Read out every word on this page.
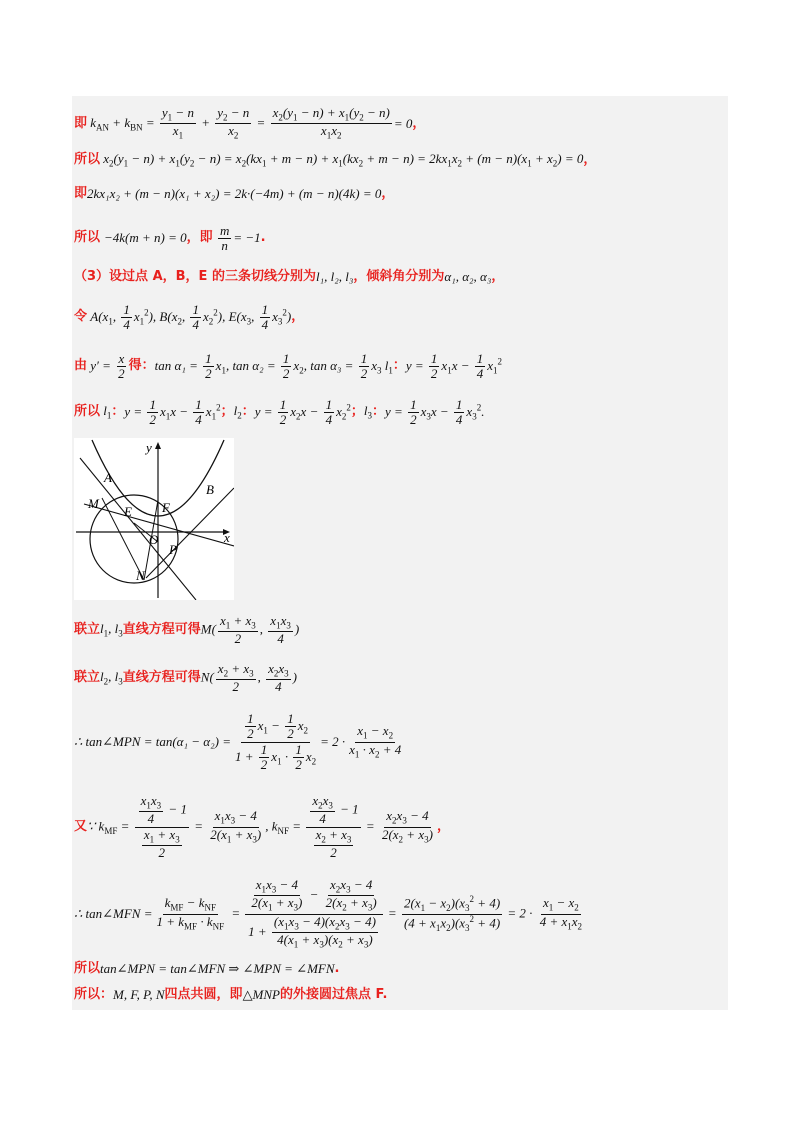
即 $k_{AN} + k_{BN} = \frac{y_1 - n}{x_1} + \frac{y_2 - n}{x_2} = \frac{x_2(y_1 - n) + x_1(y_2 - n)}{x_1x_2} = 0$ ，
所以 $x_2(y_1 - n) + x_1(y_2 - n) = x_2(kx_1 + m - n) + x_1(kx_2 + m - n) = 2kx_1x_2 + (m - n)(x_1 + x_2) = 0$ ，
即 2kx₁x₂ + (m − n)(x₁ + x₂) = 2k·(−4m) + (m − n)(4k) = 0 ，
所以 −4k(m + n) = 0 ， 即
$\frac{m}{n} = -1$ .
（3）设过点 A，B，E 的三条切线分别为 l₁, l₂, l₃ ，倾斜角分别为 α₁, α₂, α₃ ，
令 $A(x_1$, $\frac{1}{4} x_1^2$), $B(x_2$, $\frac{1}{4} x_2^2$), $E(x_3$, $\frac{1}{4} x_3^2$) ，
由 $y' = \frac{x}{2}$ 得： $\tan \alpha_1 = \frac{1}{2} x_1$, $\tan \alpha_2 = \frac{1}{2} x_2$, $\tan \alpha_3 = \frac{1}{2} x_3$ $l_1$ ： $y = \frac{1}{2} x_1x - \frac{1}{4} x_1^2$
所以 $l_1$ ： $y = \frac{1}{2} x_1x - \frac{1}{4} x_1^2$ ； $l_2$ ： $y = \frac{1}{2} x_2x - \frac{1}{4} x_2^2$ ； $l_3$ ： $y = \frac{1}{2} x_3x - \frac{1}{4} x_3^2$.
x
y
A
B
M
E F
O
P
N
联立 $l_1$, $l_3$ 直线方程可得 $M( \frac{x_1 + x_3}{2}$ , $\frac{x_1x_3}{4}$ )
联立 $l_2$, $l_3$ 直线方程可得 $N( \frac{x_2 + x_3}{2}$ , $\frac{x_2x_3}{4}$ )
∴ tan∠MPN = $\tan(\alpha_1 - \alpha_2) = \frac{\frac{1}{2} x_1 - \frac{1}{2} x_2}{1 + \frac{1}{2} x_1 \cdot \frac{1}{2} x_2} = 2 \cdot \frac{x_1 - x_2}{x_1 \cdot x_2 + 4}$
又 ∵ $k_{MF} = \frac{\frac{x_1x_3}{4} - 1}{\frac{x_1 + x_3}{2}} = \frac{x_1x_3 - 4}{2(x_1 + x_3)}$ , $k_{NF} = \frac{\frac{x_2x_3}{4} - 1}{\frac{x_2 + x_3}{2}} = \frac{x_2x_3 - 4}{2(x_2 + x_3)}$ ，
∴ tan∠MFN = $\frac{k_{MF} - k_{NF}}{1 + k_{MF} \cdot k_{NF}} = \frac{\frac{x_1x_3 - 4}{2(x_1 + x_3)} - \frac{x_2x_3 - 4}{2(x_2 + x_3)}}{1 + \frac{(x_1x_3 - 4)(x_2x_3 - 4)}{4(x_1 + x_3)(x_2 + x_3)}} = \frac{2(x_1 - x_2)(x_3^2 + 4)}{(4 + x_1x_2)(x_3^2 + 4)} = 2 \cdot \frac{x_1 - x_2}{4 + x_1x_2}$
所以 tan∠MPN = tan∠MFN ⇒ ∠MPN = ∠MFN .
所以： M, F, P, N 四点共圆，即 △MNP 的外接圆过焦点 F.
